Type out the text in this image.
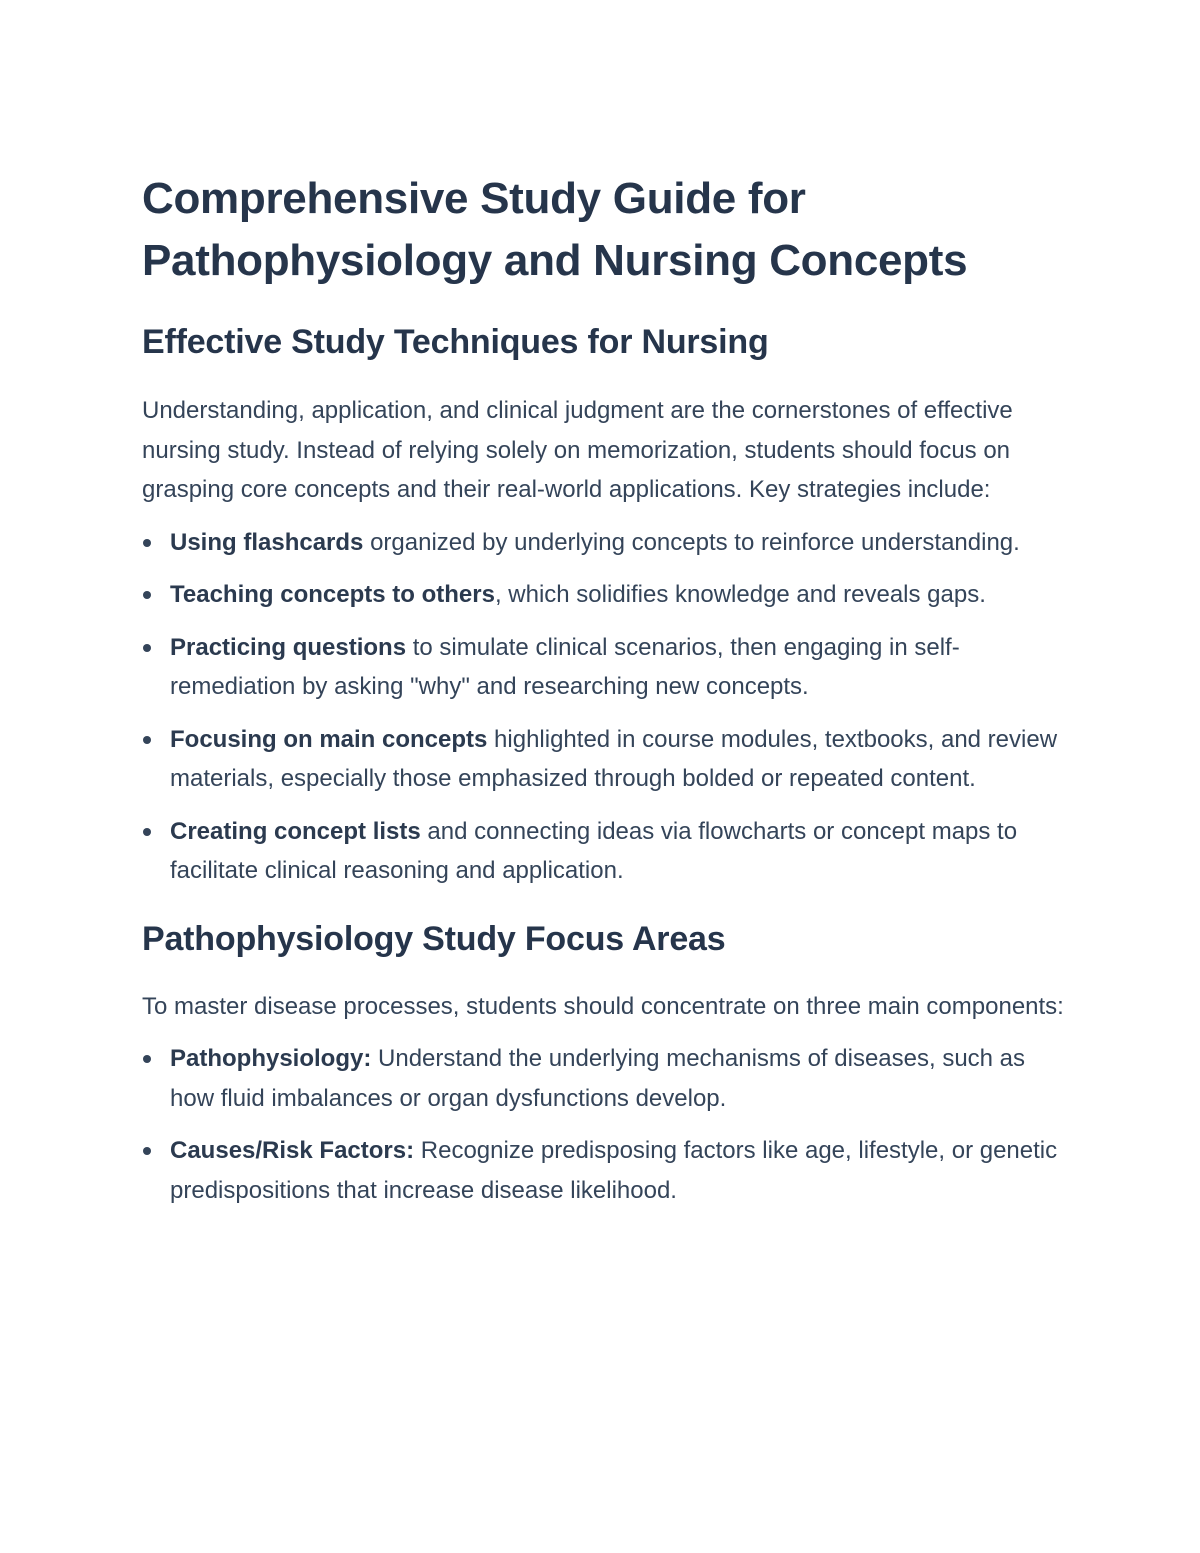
Comprehensive Study Guide for Pathophysiology and Nursing Concepts
Effective Study Techniques for Nursing

Understanding, application, and clinical judgment are the cornerstones of effective nursing study. Instead of relying solely on memorization, students should focus on grasping core concepts and their real-world applications. Key strategies include:

Using flashcards organized by underlying concepts to reinforce understanding.
Teaching concepts to others, which solidifies knowledge and reveals gaps.
Practicing questions to simulate clinical scenarios, then engaging in self-remediation by asking "why" and researching new concepts.
Focusing on main concepts highlighted in course modules, textbooks, and review materials, especially those emphasized through bolded or repeated content.
Creating concept lists and connecting ideas via flowcharts or concept maps to facilitate clinical reasoning and application.
Pathophysiology Study Focus Areas

To master disease processes, students should concentrate on three main components:

Pathophysiology: Understand the underlying mechanisms of diseases, such as how fluid imbalances or organ dysfunctions develop.
Causes/Risk Factors: Recognize predisposing factors like age, lifestyle, or genetic predispositions that increase disease likelihood.
